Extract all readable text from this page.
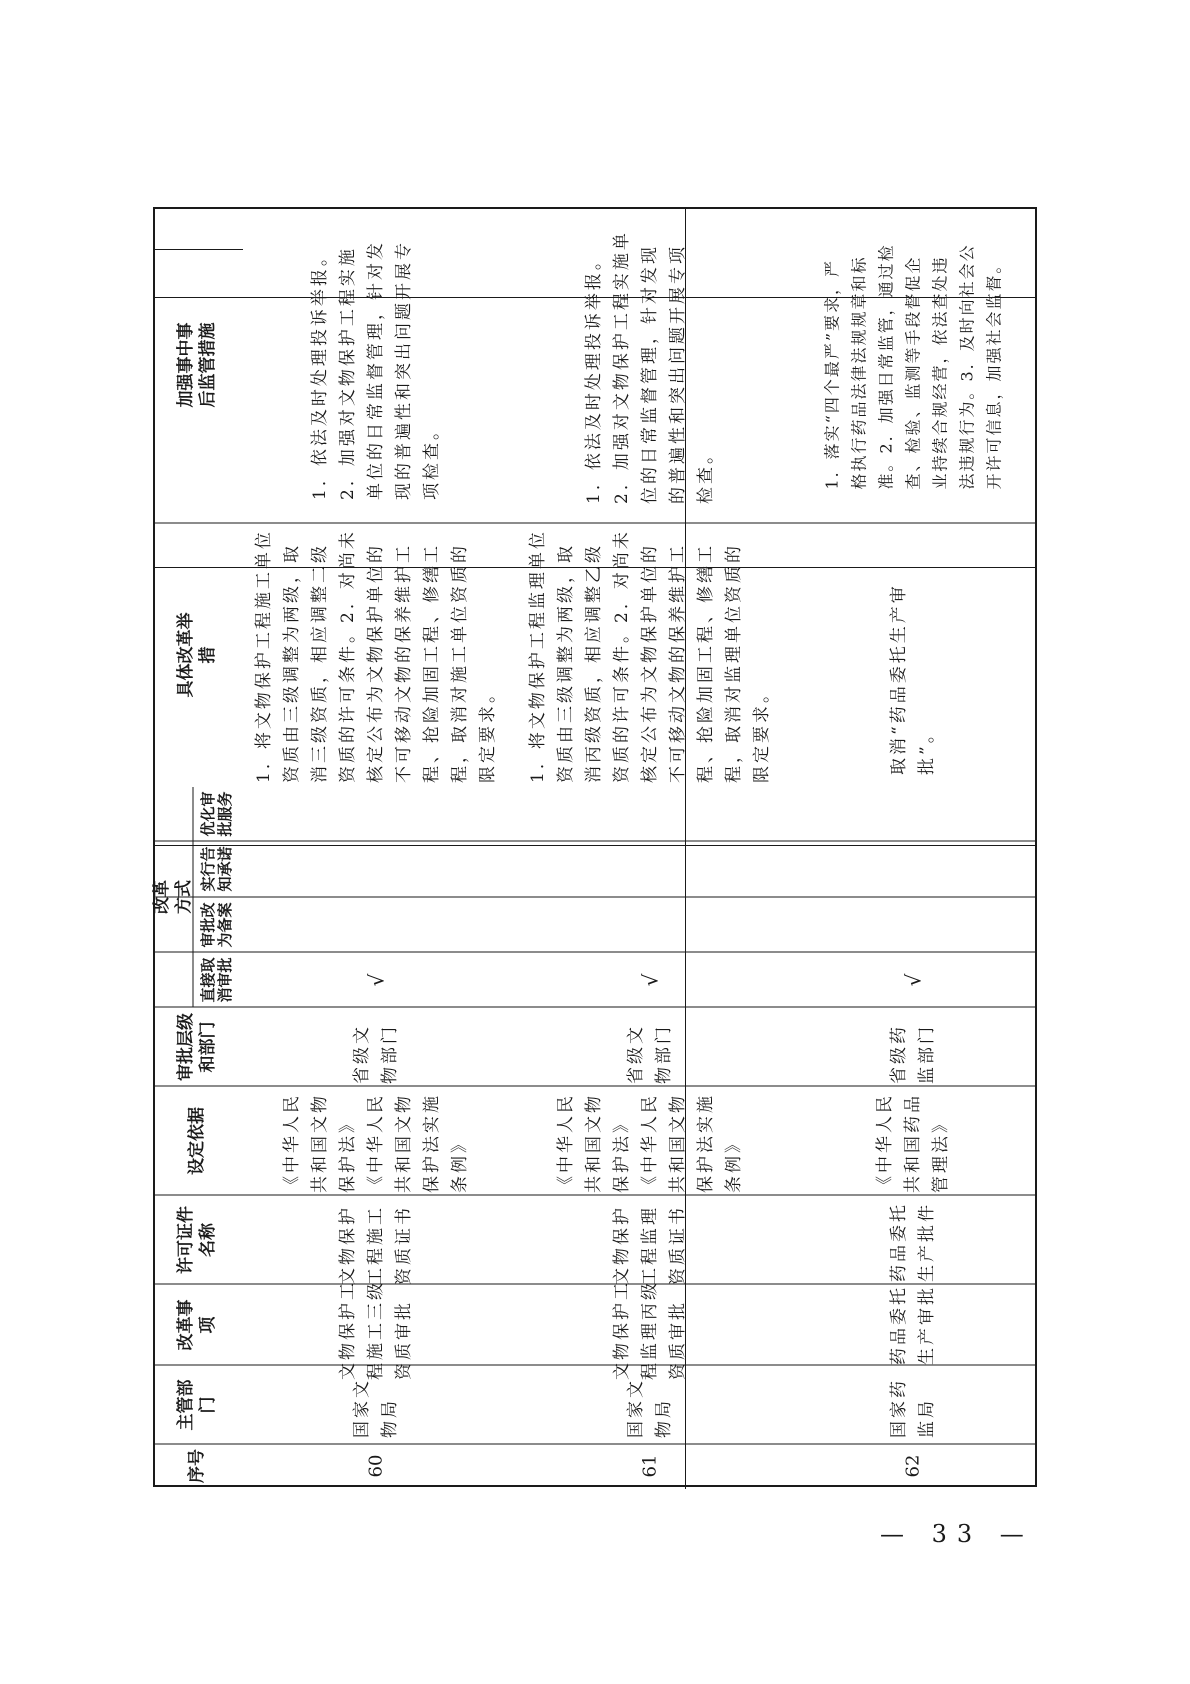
序号
主管部门
改革事项
许可证件名称
设定依据
审批层级和部门
改革方式
直接取消审批
审批改为备案
实行告知承诺
优化审批服务
具体改革举措
加强事中事后监管措施
60
国家文物局
文物保护工程施工三级资质审批
文物保护工程施工资质证书
《中华人民共和国文物保护法》《中华人民共和国文物保护法实施条例》
省级文物部门
√
1．将文物保护工程施工单位资质由三级调整为两级，取消三级资质，相应调整二级资质的许可条件。2．对尚未核定公布为文物保护单位的不可移动文物的保养维护工程、抢险加固工程、修缮工程，取消对施工单位资质的限定要求。
1．依法及时处理投诉举报。2．加强对文物保护工程实施单位的日常监督管理，针对发现的普遍性和突出问题开展专项检查。
61
国家文物局
文物保护工程监理丙级资质审批
文物保护工程监理资质证书
《中华人民共和国文物保护法》《中华人民共和国文物保护法实施条例》
省级文物部门
√
1．将文物保护工程监理单位资质由三级调整为两级，取消丙级资质，相应调整乙级资质的许可条件。2．对尚未核定公布为文物保护单位的不可移动文物的保养维护工程、抢险加固工程、修缮工程，取消对监理单位资质的限定要求。
1．依法及时处理投诉举报。2．加强对文物保护工程实施单位的日常监督管理，针对发现的普遍性和突出问题开展专项检查。
62
国家药监局
药品委托生产审批
药品委托生产批件
《中华人民共和国药品管理法》
省级药监部门
√
取消“药品委托生产审批”。
1．落实“四个最严”要求，严格执行药品法律法规规章和标准。2．加强日常监管，通过检查、检验、监测等手段督促企业持续合规经营，依法查处违法违规行为。3．及时向社会公开许可信息，加强社会监督。
— 33 —
